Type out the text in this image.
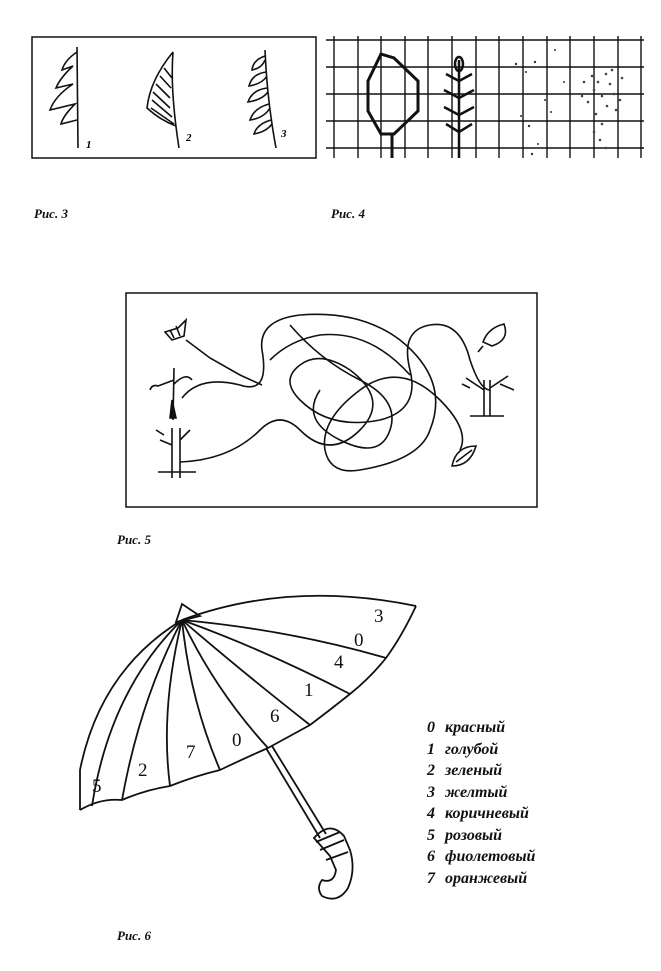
1
2	3
Рис. 3	Рис. 4
Рис. 5
5
2
7
0
6
1
4
0
3
0 красный
1 голубой
2 зеленый
3 желтый
4 коричневый
5 розовый
6 фиолетовый
7 оранжевый
Рис. 6
